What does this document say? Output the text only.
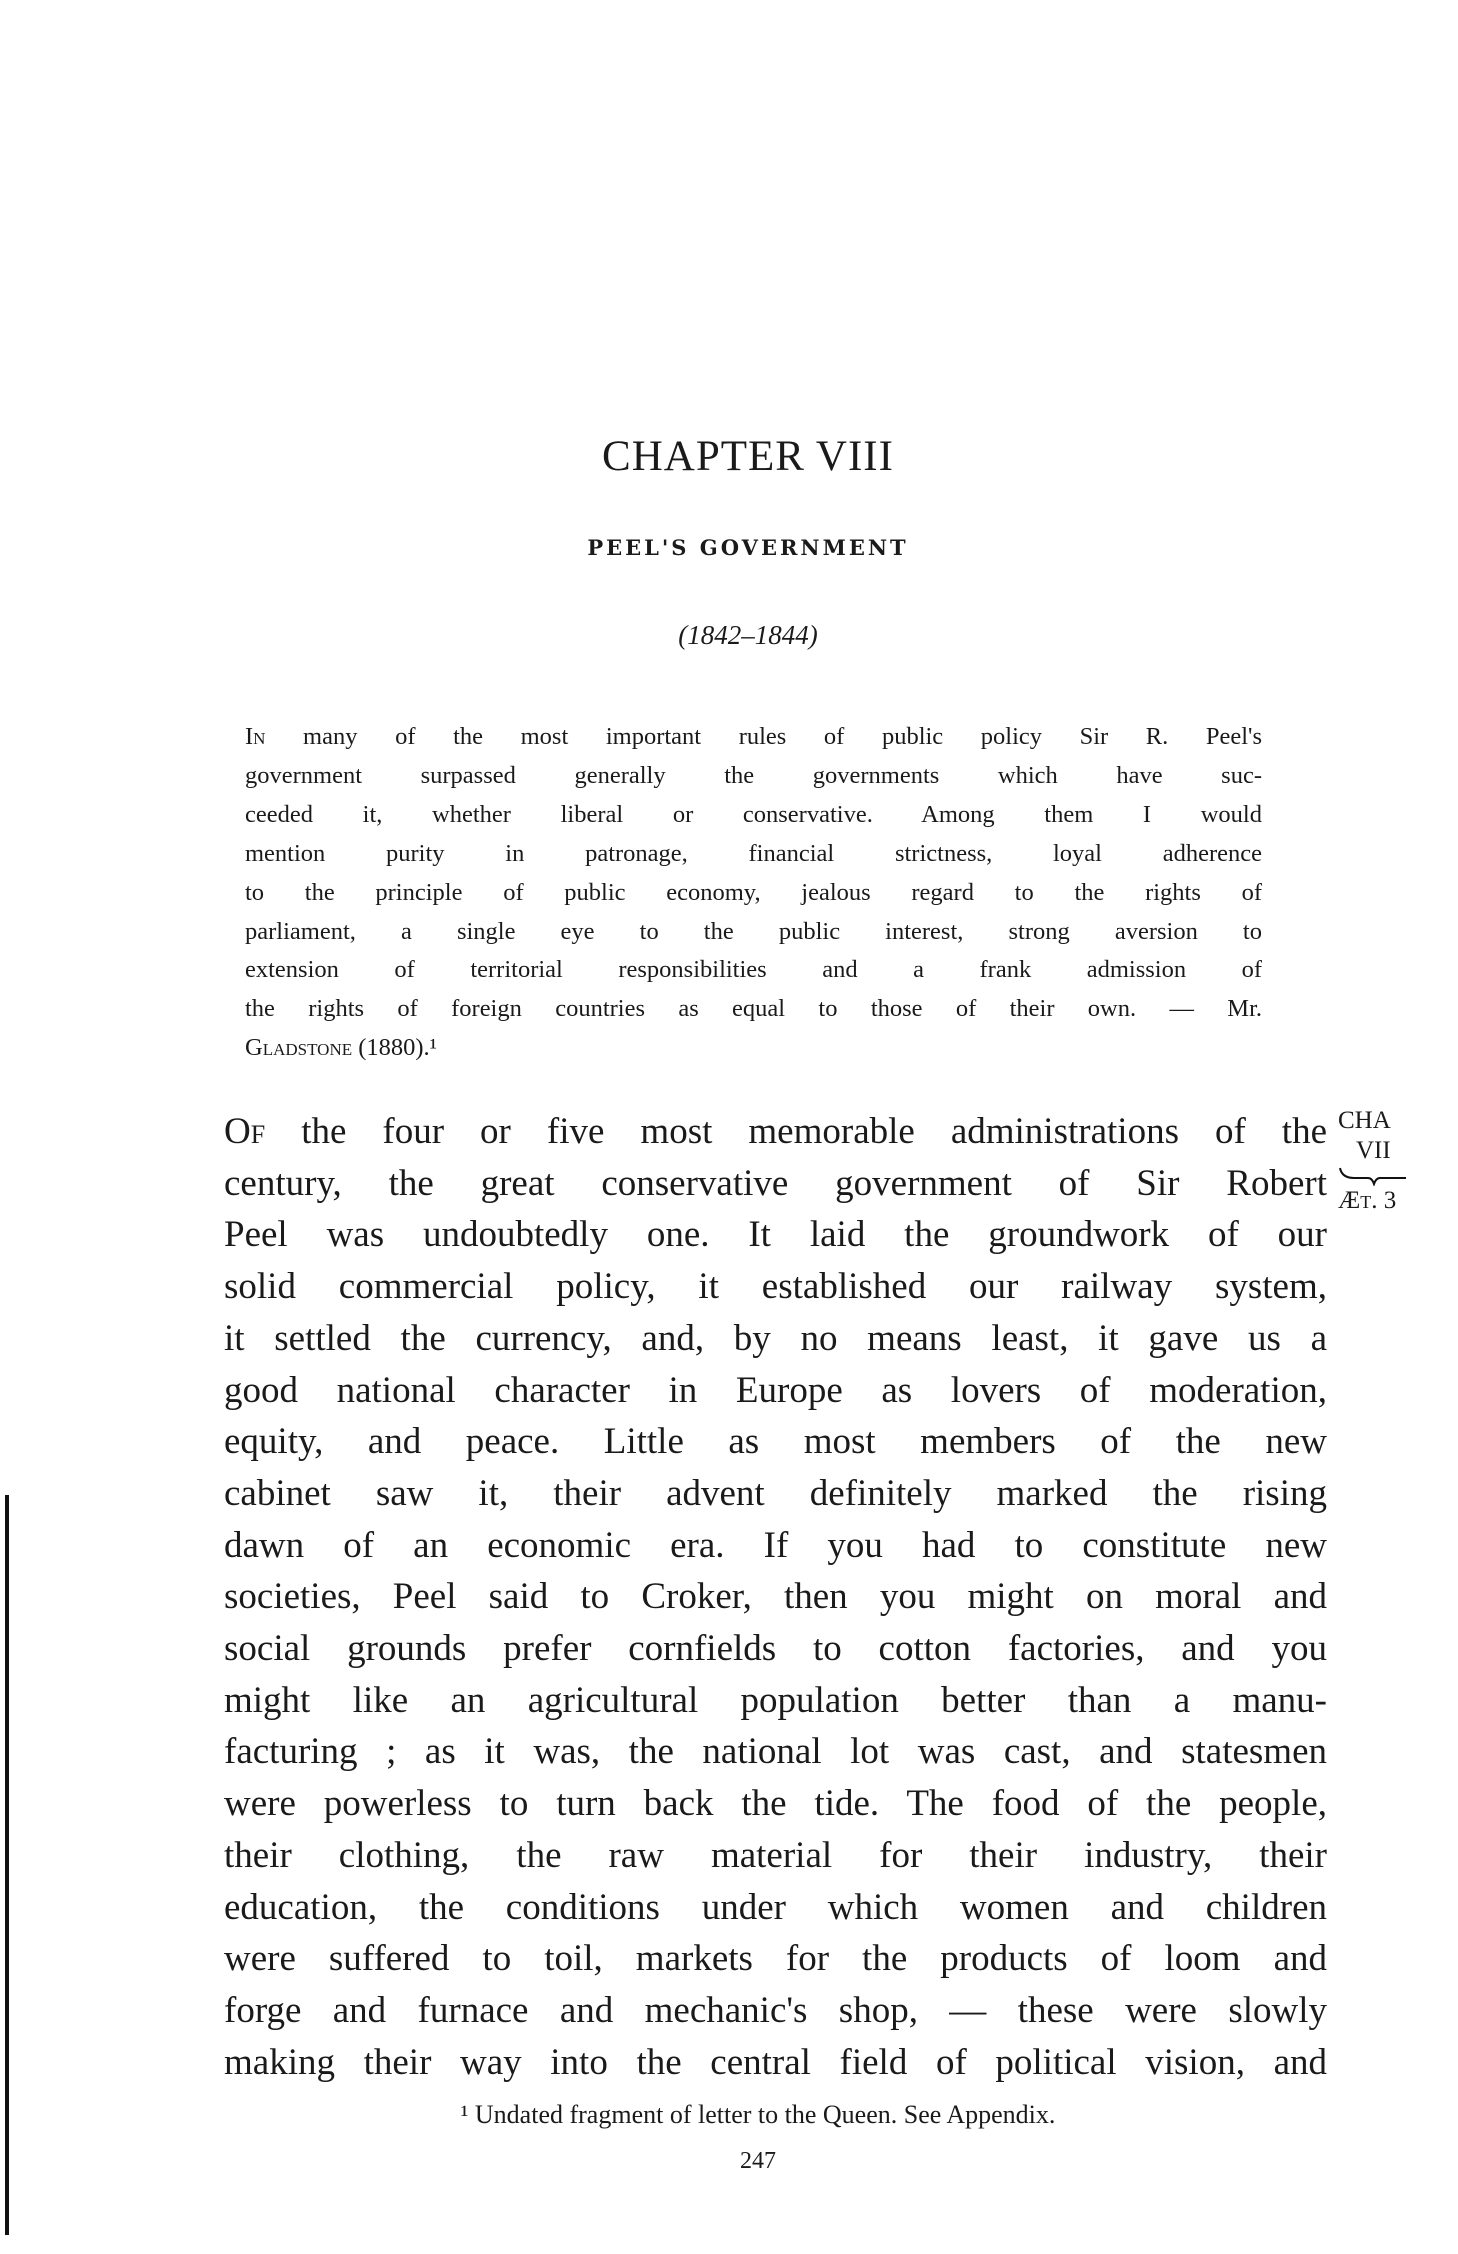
CHAPTER VIII
PEEL'S GOVERNMENT
(1842–1844)
In many of the most important rules of public policy Sir R. Peel's
government surpassed generally the governments which have suc-
ceeded it, whether liberal or conservative. Among them I would
mention purity in patronage, financial strictness, loyal adherence
to the principle of public economy, jealous regard to the rights of
parliament, a single eye to the public interest, strong aversion to
extension of territorial responsibilities and a frank admission of
the rights of foreign countries as equal to those of their own. — Mr.
Gladstone (1880).¹
Of the four or five most memorable administrations of the
century, the great conservative government of Sir Robert
Peel was undoubtedly one. It laid the groundwork of our
solid commercial policy, it established our railway system,
it settled the currency, and, by no means least, it gave us a
good national character in Europe as lovers of moderation,
equity, and peace. Little as most members of the new
cabinet saw it, their advent definitely marked the rising
dawn of an economic era. If you had to constitute new
societies, Peel said to Croker, then you might on moral and
social grounds prefer cornfields to cotton factories, and you
might like an agricultural population better than a manu-
facturing ; as it was, the national lot was cast, and statesmen
were powerless to turn back the tide. The food of the people,
their clothing, the raw material for their industry, their
education, the conditions under which women and children
were suffered to toil, markets for the products of loom and
forge and furnace and mechanic's shop, — these were slowly
making their way into the central field of political vision, and
CHA
VII
Æt. 3
¹ Undated fragment of letter to the Queen. See Appendix.
247
